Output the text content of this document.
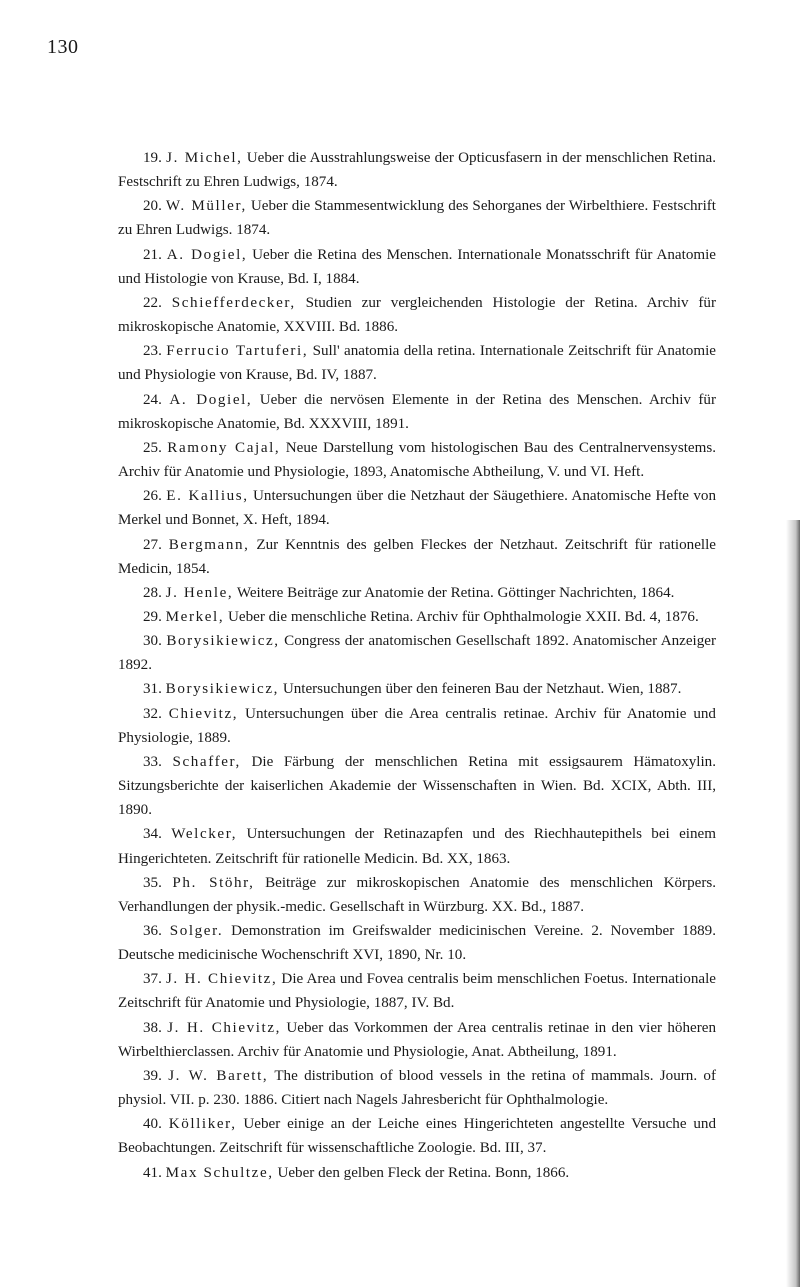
130

19. J. Michel, Ueber die Ausstrahlungsweise der Opticusfasern in der menschlichen Retina. Festschrift zu Ehren Ludwigs, 1874.

20. W. Müller, Ueber die Stammesentwicklung des Sehorganes der Wirbelthiere. Festschrift zu Ehren Ludwigs. 1874.

21. A. Dogiel, Ueber die Retina des Menschen. Internationale Monatsschrift für Anatomie und Histologie von Krause, Bd. I, 1884.

22. Schiefferdecker, Studien zur vergleichenden Histologie der Retina. Archiv für mikroskopische Anatomie, XXVIII. Bd. 1886.

23. Ferrucio Tartuferi, Sull' anatomia della retina. Internationale Zeitschrift für Anatomie und Physiologie von Krause, Bd. IV, 1887.

24. A. Dogiel, Ueber die nervösen Elemente in der Retina des Menschen. Archiv für mikroskopische Anatomie, Bd. XXXVIII, 1891.

25. Ramony Cajal, Neue Darstellung vom histologischen Bau des Centralnervensystems. Archiv für Anatomie und Physiologie, 1893, Anatomische Abtheilung, V. und VI. Heft.

26. E. Kallius, Untersuchungen über die Netzhaut der Säugethiere. Anatomische Hefte von Merkel und Bonnet, X. Heft, 1894.

27. Bergmann, Zur Kenntnis des gelben Fleckes der Netzhaut. Zeitschrift für rationelle Medicin, 1854.

28. J. Henle, Weitere Beiträge zur Anatomie der Retina. Göttinger Nachrichten, 1864.

29. Merkel, Ueber die menschliche Retina. Archiv für Ophthalmologie XXII. Bd. 4, 1876.

30. Borysikiewicz, Congress der anatomischen Gesellschaft 1892. Anatomischer Anzeiger 1892.

31. Borysikiewicz, Untersuchungen über den feineren Bau der Netzhaut. Wien, 1887.

32. Chievitz, Untersuchungen über die Area centralis retinae. Archiv für Anatomie und Physiologie, 1889.

33. Schaffer, Die Färbung der menschlichen Retina mit essigsaurem Hämatoxylin. Sitzungsberichte der kaiserlichen Akademie der Wissenschaften in Wien. Bd. XCIX, Abth. III, 1890.

34. Welcker, Untersuchungen der Retinazapfen und des Riechhautepithels bei einem Hingerichteten. Zeitschrift für rationelle Medicin. Bd. XX, 1863.

35. Ph. Stöhr, Beiträge zur mikroskopischen Anatomie des menschlichen Körpers. Verhandlungen der physik.-medic. Gesellschaft in Würzburg. XX. Bd., 1887.

36. Solger. Demonstration im Greifswalder medicinischen Vereine. 2. November 1889. Deutsche medicinische Wochenschrift XVI, 1890, Nr. 10.

37. J. H. Chievitz, Die Area und Fovea centralis beim menschlichen Foetus. Internationale Zeitschrift für Anatomie und Physiologie, 1887, IV. Bd.

38. J. H. Chievitz, Ueber das Vorkommen der Area centralis retinae in den vier höheren Wirbelthierclassen. Archiv für Anatomie und Physiologie, Anat. Abtheilung, 1891.

39. J. W. Barett, The distribution of blood vessels in the retina of mammals. Journ. of physiol. VII. p. 230. 1886. Citiert nach Nagels Jahresbericht für Ophthalmologie.

40. Kölliker, Ueber einige an der Leiche eines Hingerichteten angestellte Versuche und Beobachtungen. Zeitschrift für wissenschaftliche Zoologie. Bd. III, 37.

41. Max Schultze, Ueber den gelben Fleck der Retina. Bonn, 1866.
